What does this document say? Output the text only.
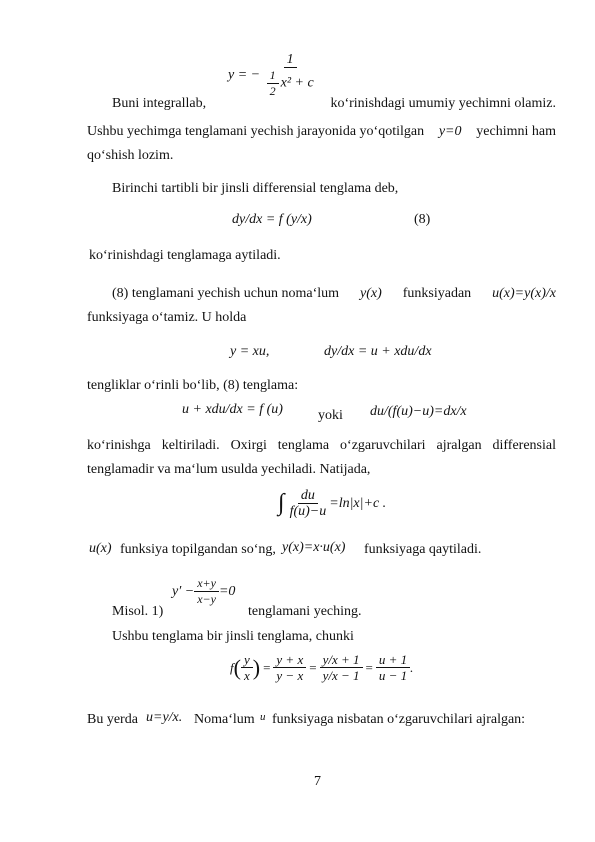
y = − $\frac{1}{\frac{1}{2} x^2 + c}$
Buni integrallab,	ko‘rinishdagi umumiy yechimni olamiz.
Ushbu yechimga tenglamani yechish jarayonida yo‘qotilgan y=0 yechimni ham
qo‘shish lozim.
Birinchi tartibli bir jinsli differensial tenglama deb,
dy/dx = f (y/x)	(8)
ko‘rinishdagi tenglamaga aytiladi.
(8) tenglamani yechish uchun noma‘lum y(x) funksiyadan u(x)=y(x)/x
funksiyaga o‘tamiz. U holda
y = xu,	dy/dx = u + xdu/dx
tengliklar o‘rinli bo‘lib, (8) tenglama:
u + xdu/dx = f (u)	yoki du/(f(u)−u)=dx/x
ko‘rinishga keltiriladi. Oxirgi tenglama o‘zgaruvchilari ajralgan differensial
tenglamadir va ma‘lum usulda yechiladi. Natijada,
∫ $\frac{du}{f(u)-u} =\ln|x|+c$ .
u(x) funksiya topilgandan so‘ng, y(x)=x·u(x) funksiyaga qaytiladi.
Misol. 1)
$y' - \frac{x+y}{x-y} =0$
tenglamani yeching.
Ushbu tenglama bir jinsli tenglama, chunki
f ( $\frac{y}{x}$ ) = $\frac{y + x}{y - x} = \frac{y/x + 1}{y/x - 1} = \frac{u + 1}{u - 1}$ .
Bu yerda u=y/x. Noma‘lum u funksiyaga nisbatan o‘zgaruvchilari ajralgan:
7
